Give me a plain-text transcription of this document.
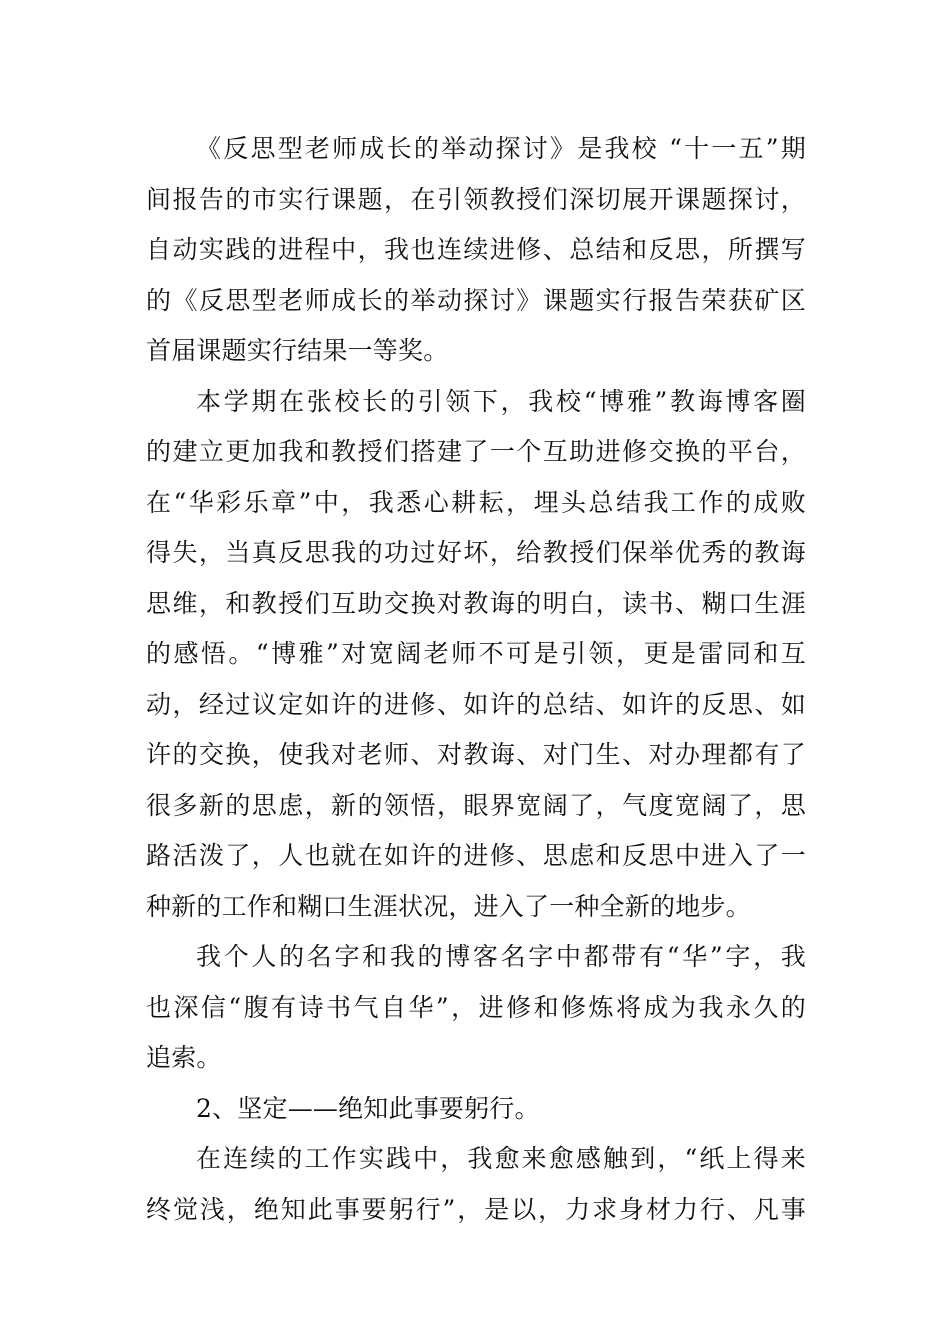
《反思型老师成长的举动探讨》是我校 “十一五”期
间报告的市实行课题，在引领教授们深切展开课题探讨，
自动实践的进程中，我也连续进修、总结和反思，所撰写
的《反思型老师成长的举动探讨》课题实行报告荣获矿区
首届课题实行结果一等奖。
本学期在张校长的引领下，我校“博雅”教诲博客圈
的建立更加我和教授们搭建了一个互助进修交换的平台，
在“华彩乐章”中，我悉心耕耘，埋头总结我工作的成败
得失，当真反思我的功过好坏，给教授们保举优秀的教诲
思维，和教授们互助交换对教诲的明白，读书、糊口生涯
的感悟。“博雅”对宽阔老师不可是引领，更是雷同和互
动，经过议定如许的进修、如许的总结、如许的反思、如
许的交换，使我对老师、对教诲、对门生、对办理都有了
很多新的思虑，新的领悟，眼界宽阔了，气度宽阔了，思
路活泼了，人也就在如许的进修、思虑和反思中进入了一
种新的工作和糊口生涯状况，进入了一种全新的地步。
我个人的名字和我的博客名字中都带有“华”字，我
也深信“腹有诗书气自华”，进修和修炼将成为我永久的
追索。
2、坚定——绝知此事要躬行。
在连续的工作实践中，我愈来愈感触到，“纸上得来
终觉浅，绝知此事要躬行”，是以，力求身材力行、凡事
